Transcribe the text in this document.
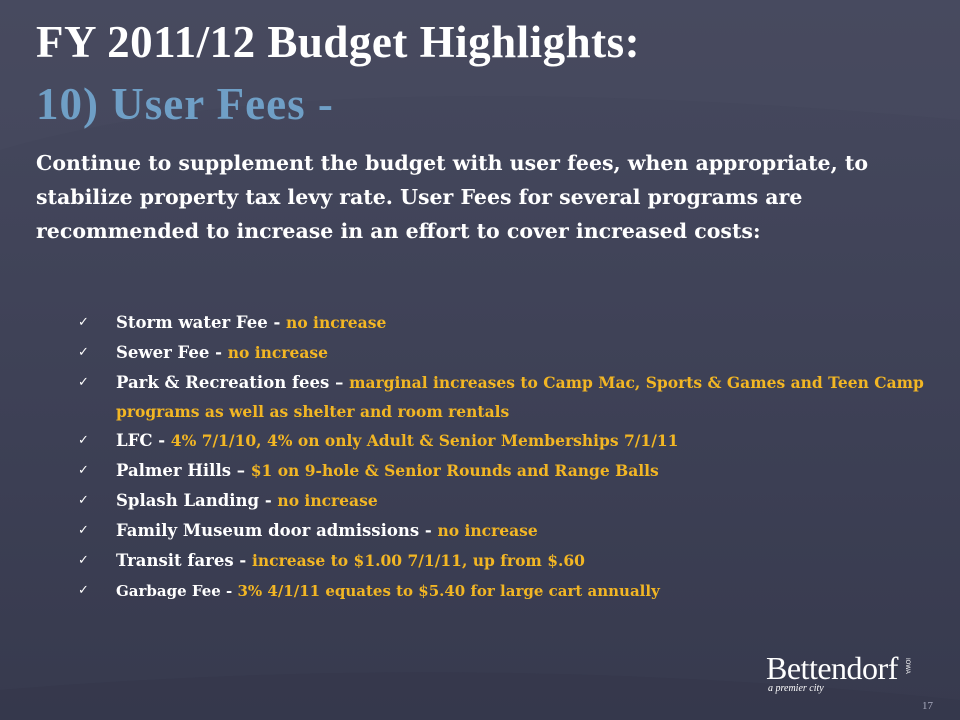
FY 2011/12 Budget Highlights:
10) User Fees -

Continue to supplement the budget with user fees, when appropriate, to stabilize property tax levy rate. User Fees for several programs are recommended to increase in an effort to cover increased costs:

✓	Storm water Fee - no increase
✓	Sewer Fee - no increase
✓	Park & Recreation fees – marginal increases to Camp Mac, Sports & Games and Teen Camp programs as well as shelter and room rentals
✓	LFC - 4% 7/1/10, 4% on only Adult & Senior Memberships 7/1/11
✓	Palmer Hills – $1 on 9-hole & Senior Rounds and Range Balls
✓	Splash Landing - no increase
✓	Family Museum door admissions - no increase
✓	Transit fares - increase to $1.00 7/1/11, up from $.60
✓	Garbage Fee - 3% 4/1/11 equates to $5.40 for large cart annually
Bettendorf
a premier city
IOWA
17
